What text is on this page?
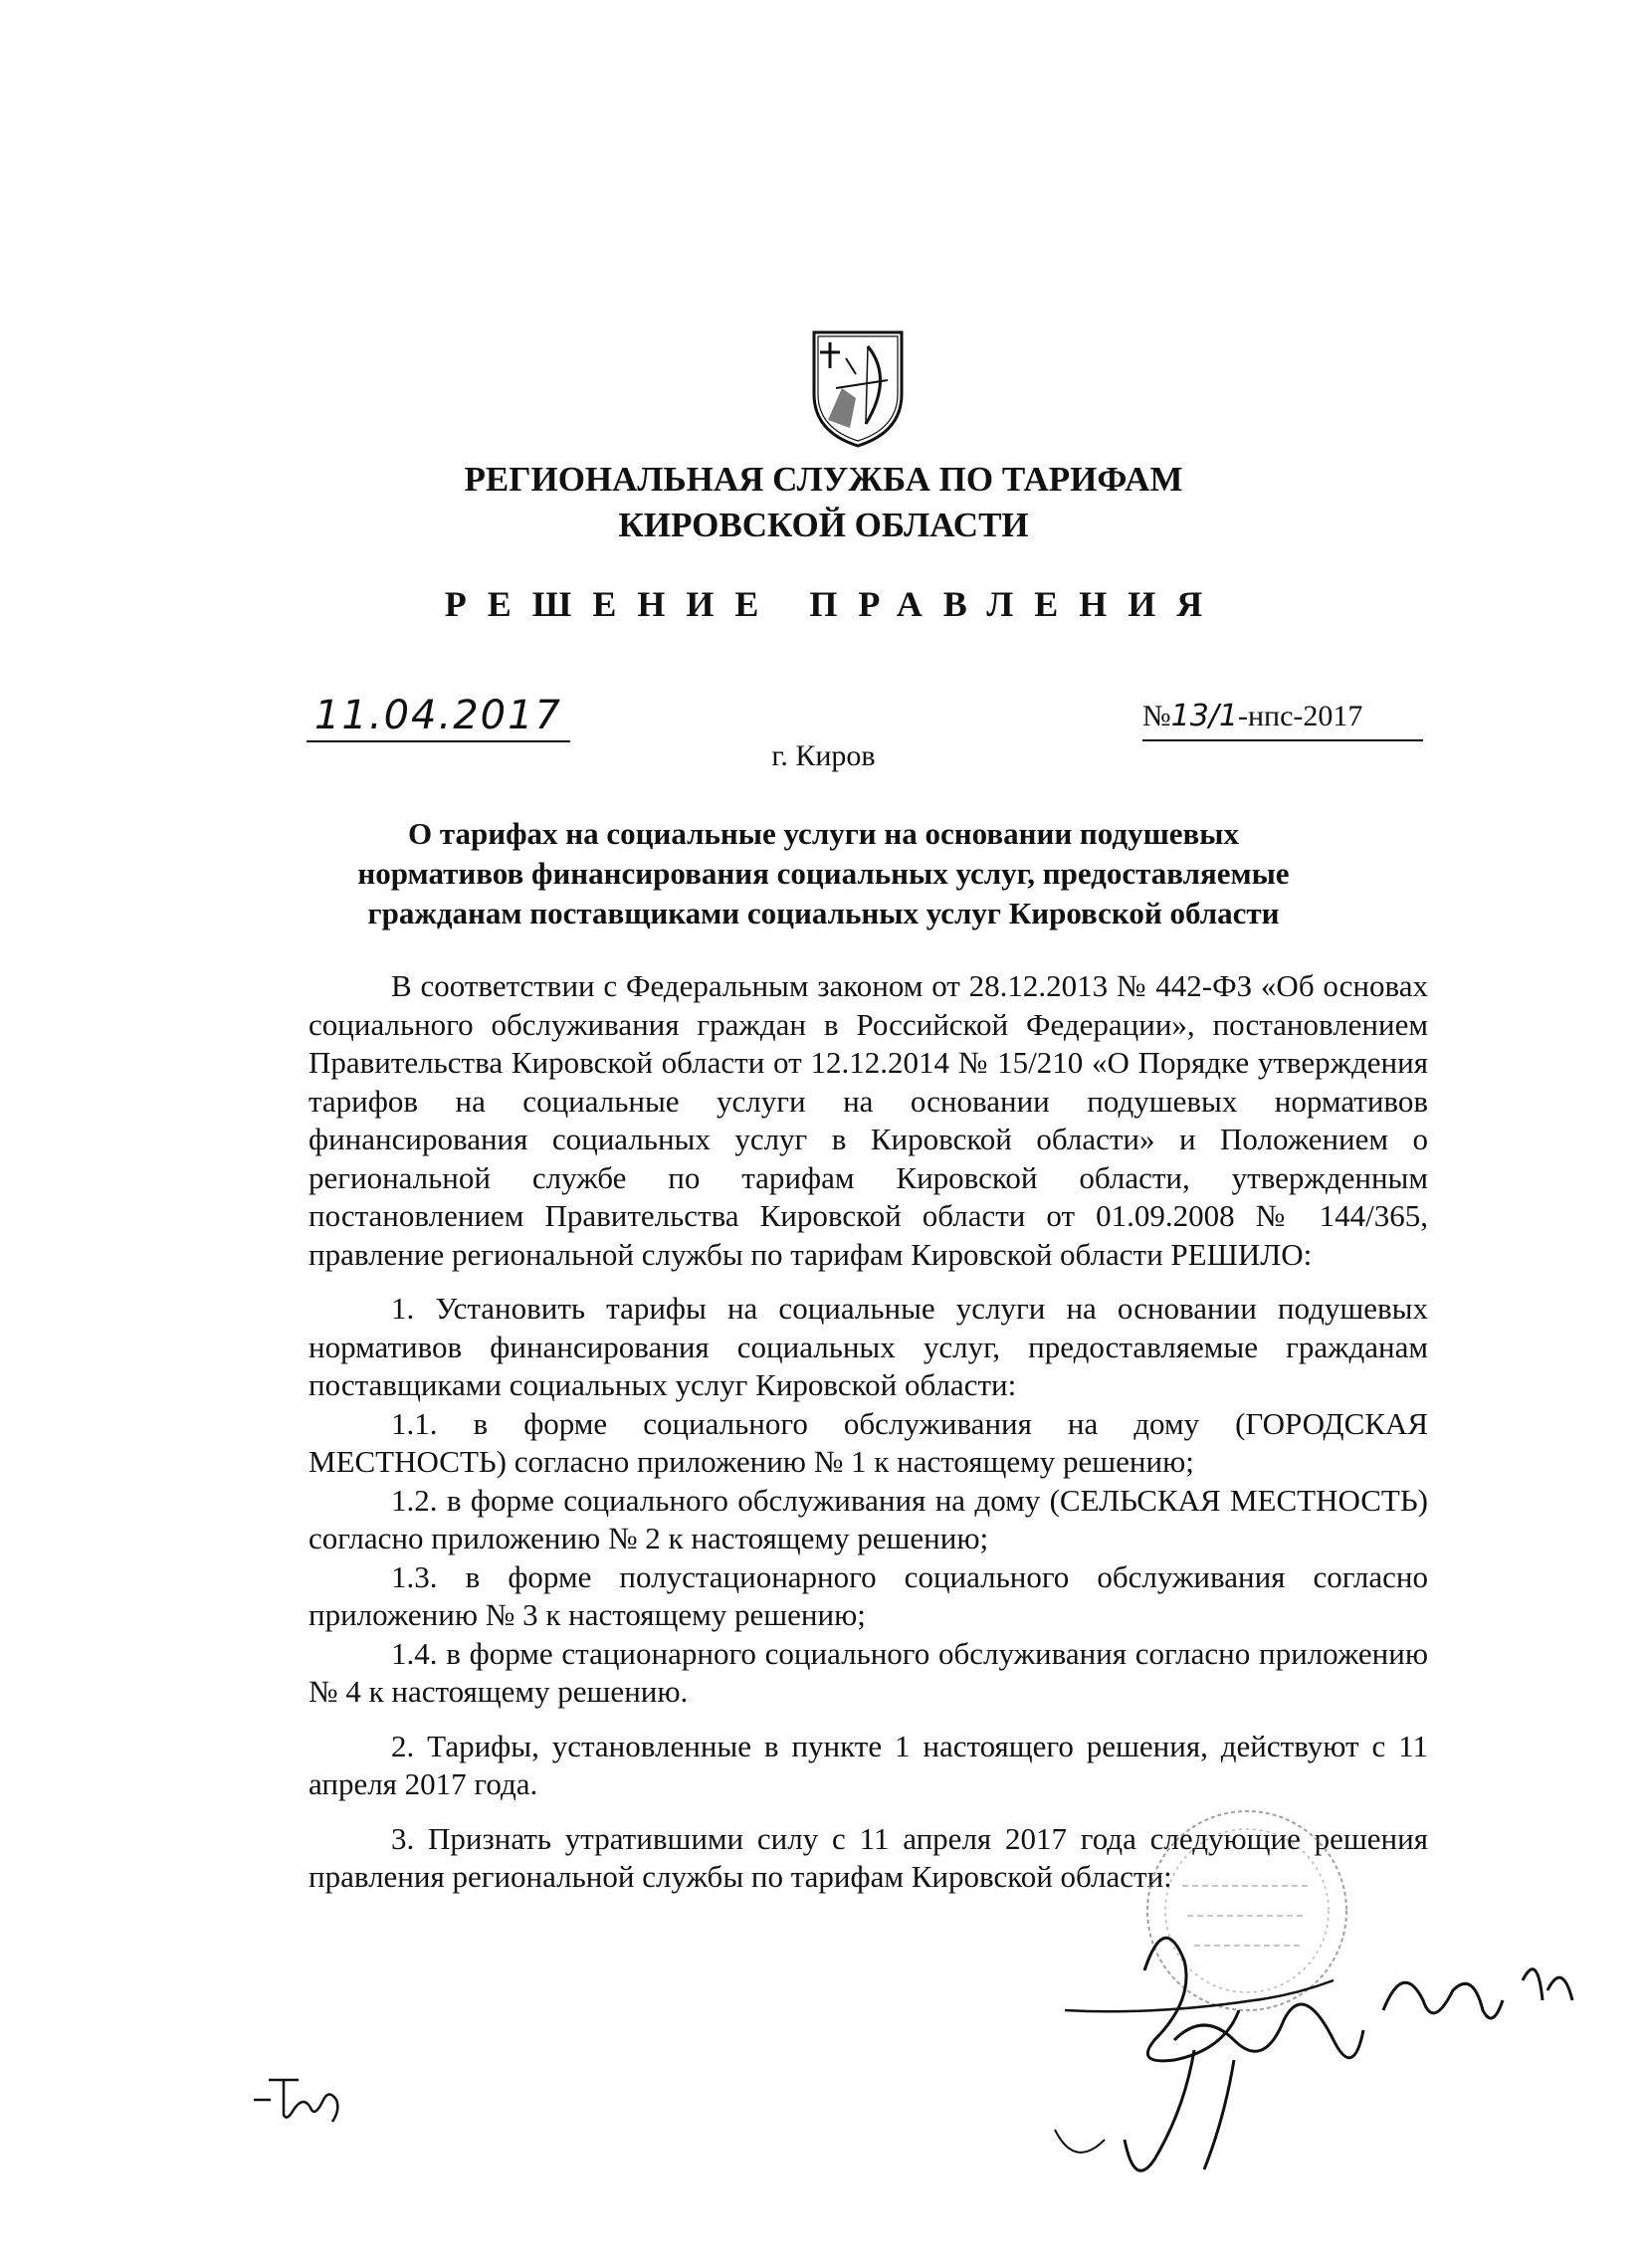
РЕГИОНАЛЬНАЯ СЛУЖБА ПО ТАРИФАМ
КИРОВСКОЙ ОБЛАСТИ
РЕШЕНИЕ ПРАВЛЕНИЯ
11.04.2017	№13/1-нпс-2017
г. Киров
О тарифах на социальные услуги на основании подушевых
нормативов финансирования социальных услуг, предоставляемые
гражданам поставщиками социальных услуг Кировской области

В соответствии с Федеральным законом от 28.12.2013 № 442-ФЗ «Об основах социального обслуживания граждан в Российской Федерации», постановлением Правительства Кировской области от 12.12.2014 № 15/210 «О Порядке утверждения тарифов на социальные услуги на основании подушевых нормативов финансирования социальных услуг в Кировской области» и Положением о региональной службе по тарифам Кировской области, утвержденным постановлением Правительства Кировской области от 01.09.2008 № 144/365, правление региональной службы по тарифам Кировской области РЕШИЛО:

1. Установить тарифы на социальные услуги на основании подушевых нормативов финансирования социальных услуг, предоставляемые гражданам поставщиками социальных услуг Кировской области:

1.1. в форме социального обслуживания на дому (ГОРОДСКАЯ МЕСТНОСТЬ) согласно приложению № 1 к настоящему решению;

1.2. в форме социального обслуживания на дому (СЕЛЬСКАЯ МЕСТНОСТЬ) согласно приложению № 2 к настоящему решению;

1.3. в форме полустационарного социального обслуживания согласно приложению № 3 к настоящему решению;

1.4. в форме стационарного социального обслуживания согласно приложению № 4 к настоящему решению.

2. Тарифы, установленные в пункте 1 настоящего решения, действуют с 11 апреля 2017 года.

3. Признать утратившими силу с 11 апреля 2017 года следующие решения правления региональной службы по тарифам Кировской области:
